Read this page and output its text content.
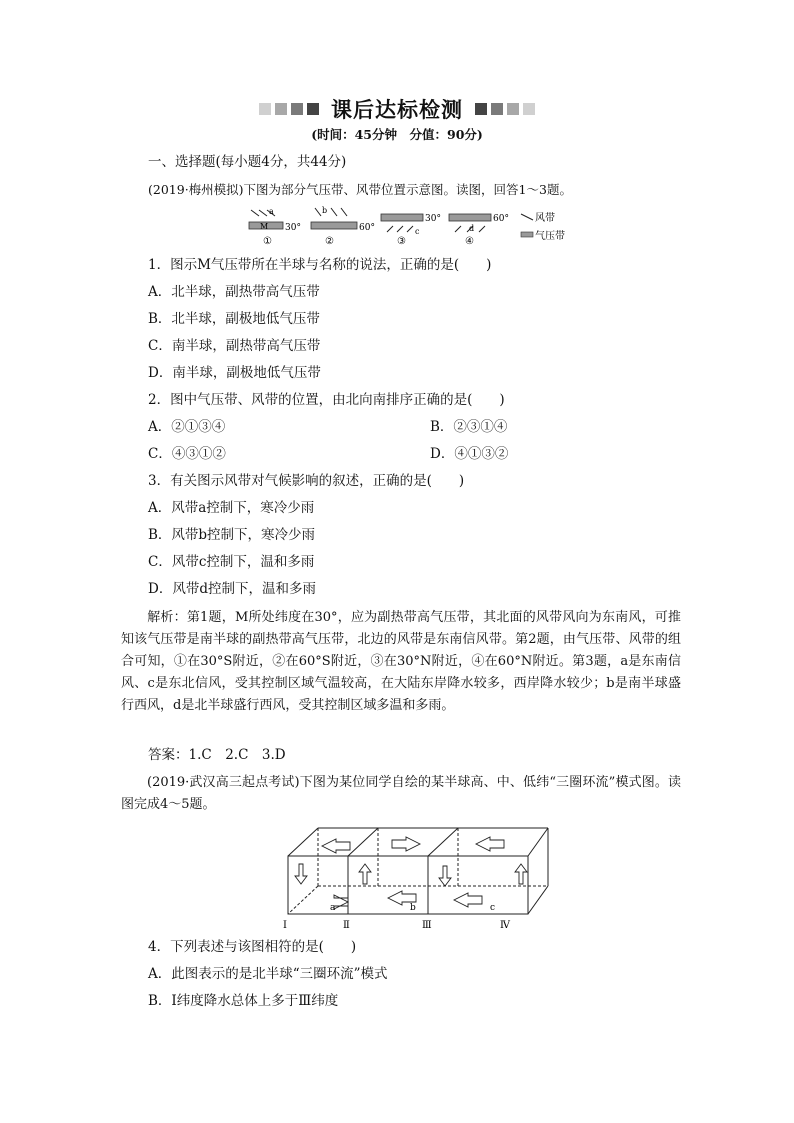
课后达标检测
(时间：45分钟　分值：90分)
一、选择题(每小题4分，共44分)
(2019·梅州模拟)下图为部分气压带、风带位置示意图。读图，回答1～3题。
a
M 30°
①
b
60°
②
30°
c
③
60°
d
④
风带
气压带
1．图示M气压带所在半球与名称的说法，正确的是(　　)
A．北半球，副热带高气压带
B．北半球，副极地低气压带
C．南半球，副热带高气压带
D．南半球，副极地低气压带
2．图中气压带、风带的位置，由北向南排序正确的是(　　)
A．②①③④	B．②③①④
C．④③①②	D．④①③②
3．有关图示风带对气候影响的叙述，正确的是(　　)
A．风带a控制下，寒冷少雨
B．风带b控制下，寒冷少雨
C．风带c控制下，温和多雨
D．风带d控制下，温和多雨
解析：第1题，M所处纬度在30°，应为副热带高气压带，其北面的风带风向为东南风，可推知该气压带是南半球的副热带高气压带，北边的风带是东南信风带。第2题，由气压带、风带的组合可知，①在30°S附近，②在60°S附近，③在30°N附近，④在60°N附近。第3题，a是东南信风、c是东北信风，受其控制区域气温较高，在大陆东岸降水较多，西岸降水较少；b是南半球盛行西风，d是北半球盛行西风，受其控制区域多温和多雨。
答案：1.C　2.C　3.D
(2019·武汉高三起点考试)下图为某位同学自绘的某半球高、中、低纬“三圈环流”模式图。读图完成4～5题。
a	b	c
Ⅰ	Ⅱ	Ⅲ	Ⅳ
4．下列表述与该图相符的是(　　)
A．此图表示的是北半球“三圈环流”模式
B．Ⅰ纬度降水总体上多于Ⅲ纬度
